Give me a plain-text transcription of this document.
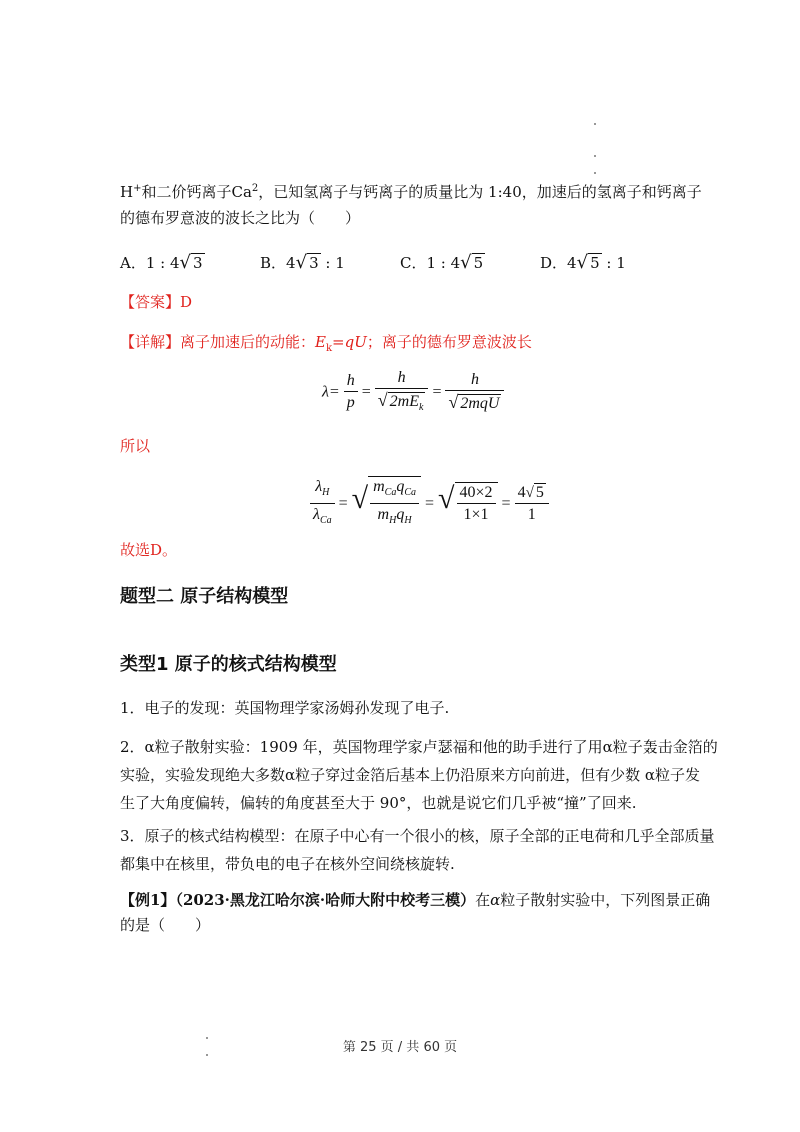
H+和二价钙离子Ca$^2$，已知氢离子与钙离子的质量比为 1:40，加速后的氢离子和钙离子
的德布罗意波的波长之比为（　　）
A．1 : 4√ 3	B．4√ 3 : 1	C．1 : 4√ 5	D．4√ 5 : 1
【答案】D
【详解】离子加速后的动能：$E_k=qU$；离子的德布罗意波波长
$\lambda= \frac{h}{p} = \frac{h}{√ 2mE_k} = \frac{h}{\text{√ 2mqU}}$
所以
$\frac{\lambda_H}{\lambda_{Ca}}$ = √ $\frac{m_{Ca}q_{Ca}}{m_Hq_H}$ = √ $\frac{40\times 2}{1\times 1} = \frac{4√ 5}{1}$
故选D。
题型二 原子结构模型
类型1 原子的核式结构模型
1．电子的发现：英国物理学家汤姆孙发现了电子.
2．α粒子散射实验：1909 年，英国物理学家卢瑟福和他的助手进行了用α粒子轰击金箔的
实验，实验发现绝大多数α粒子穿过金箔后基本上仍沿原来方向前进，但有少数 α粒子发
生了大角度偏转，偏转的角度甚至大于 90°，也就是说它们几乎被“撞”了回来.
3．原子的核式结构模型：在原子中心有一个很小的核，原子全部的正电荷和几乎全部质量
都集中在核里，带负电的电子在核外空间绕核旋转.
【例1】（2023·黑龙江哈尔滨·哈师大附中校考三模）在α粒子散射实验中，下列图景正确
的是（　　）
第 25 页 / 共 60 页
